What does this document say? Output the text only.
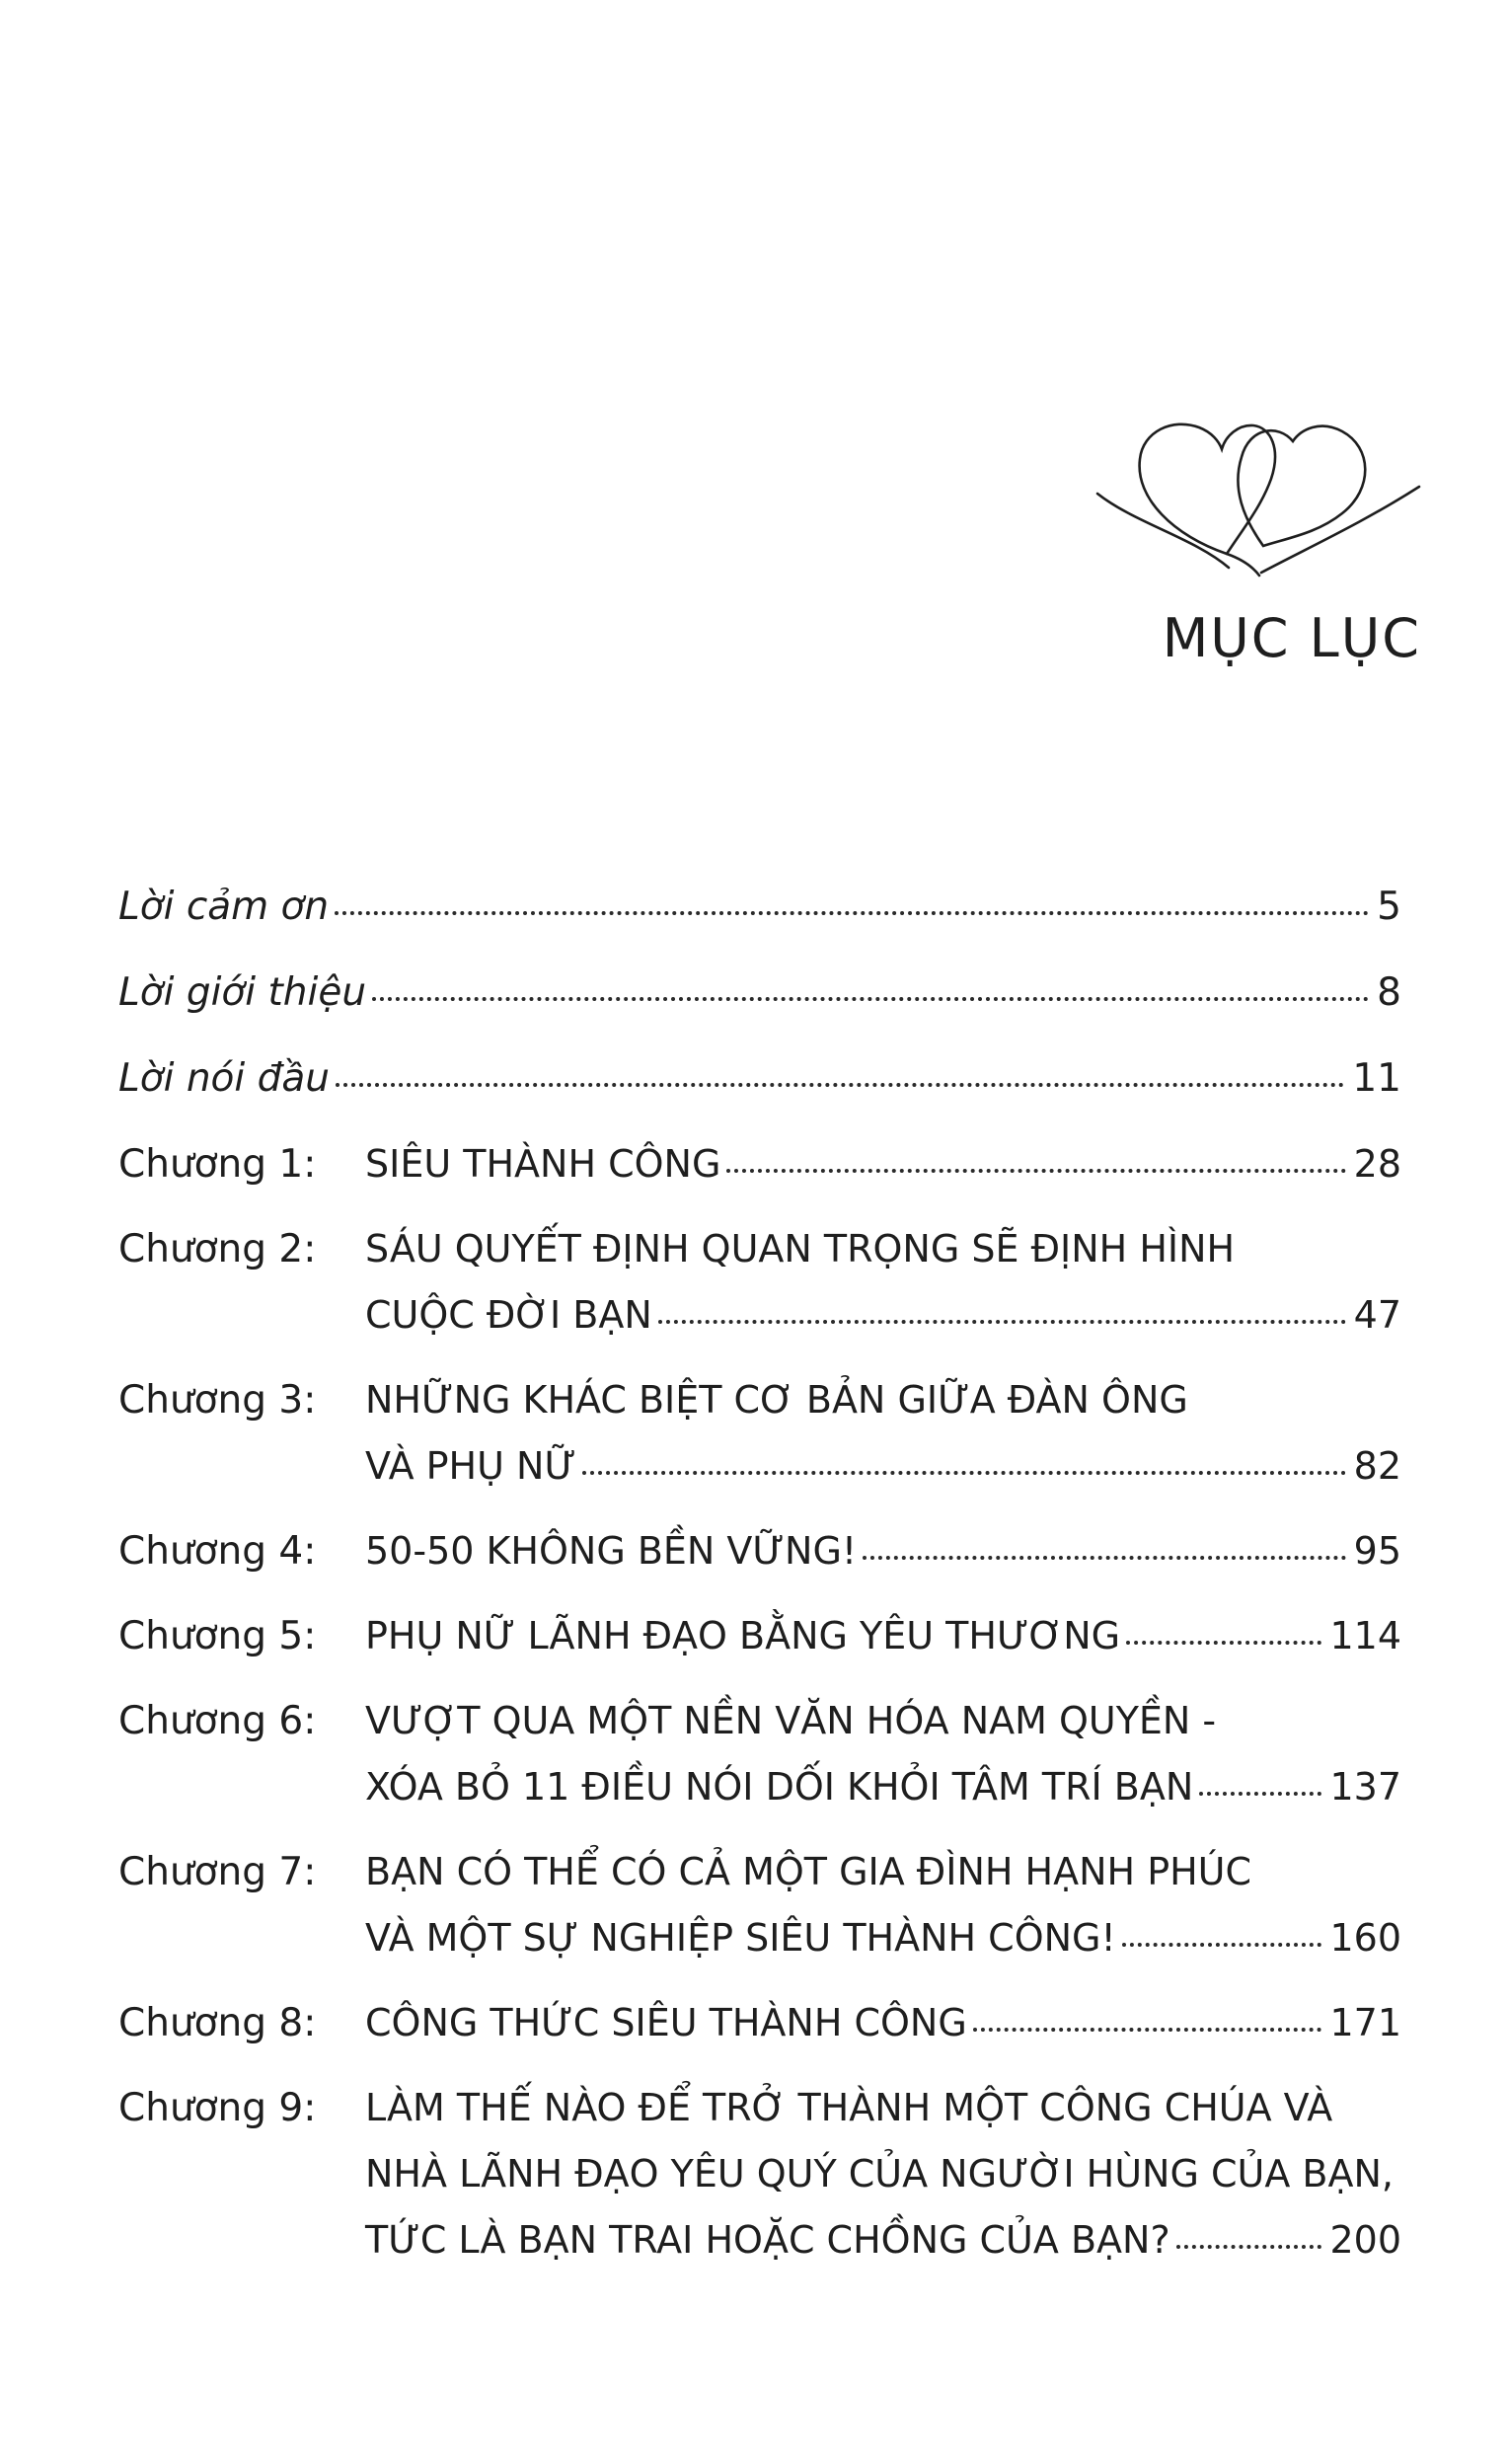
MỤC LỤC
Lời cảm ơn	5
Lời giới thiệu	8
Lời nói đầu	11
Chương 1:	SIÊU THÀNH CÔNG	28
Chương 2:	SÁU QUYẾT ĐỊNH QUAN TRỌNG SẼ ĐỊNH HÌNH
CUỘC ĐỜI BẠN	47
Chương 3:	NHỮNG KHÁC BIỆT CƠ BẢN GIỮA ĐÀN ÔNG
VÀ PHỤ NỮ	82
Chương 4:	50-50 KHÔNG BỀN VỮNG!	95
Chương 5:	PHỤ NỮ LÃNH ĐẠO BẰNG YÊU THƯƠNG	114
Chương 6:	VƯỢT QUA MỘT NỀN VĂN HÓA NAM QUYỀN -
XÓA BỎ 11 ĐIỀU NÓI DỐI KHỎI TÂM TRÍ BẠN	137
Chương 7:	BẠN CÓ THỂ CÓ CẢ MỘT GIA ĐÌNH HẠNH PHÚC
VÀ MỘT SỰ NGHIỆP SIÊU THÀNH CÔNG!	160
Chương 8:	CÔNG THỨC SIÊU THÀNH CÔNG	171
Chương 9:	LÀM THẾ NÀO ĐỂ TRỞ THÀNH MỘT CÔNG CHÚA VÀ
NHÀ LÃNH ĐẠO YÊU QUÝ CỦA NGƯỜI HÙNG CỦA BẠN,
TỨC LÀ BẠN TRAI HOẶC CHỒNG CỦA BẠN?	200
